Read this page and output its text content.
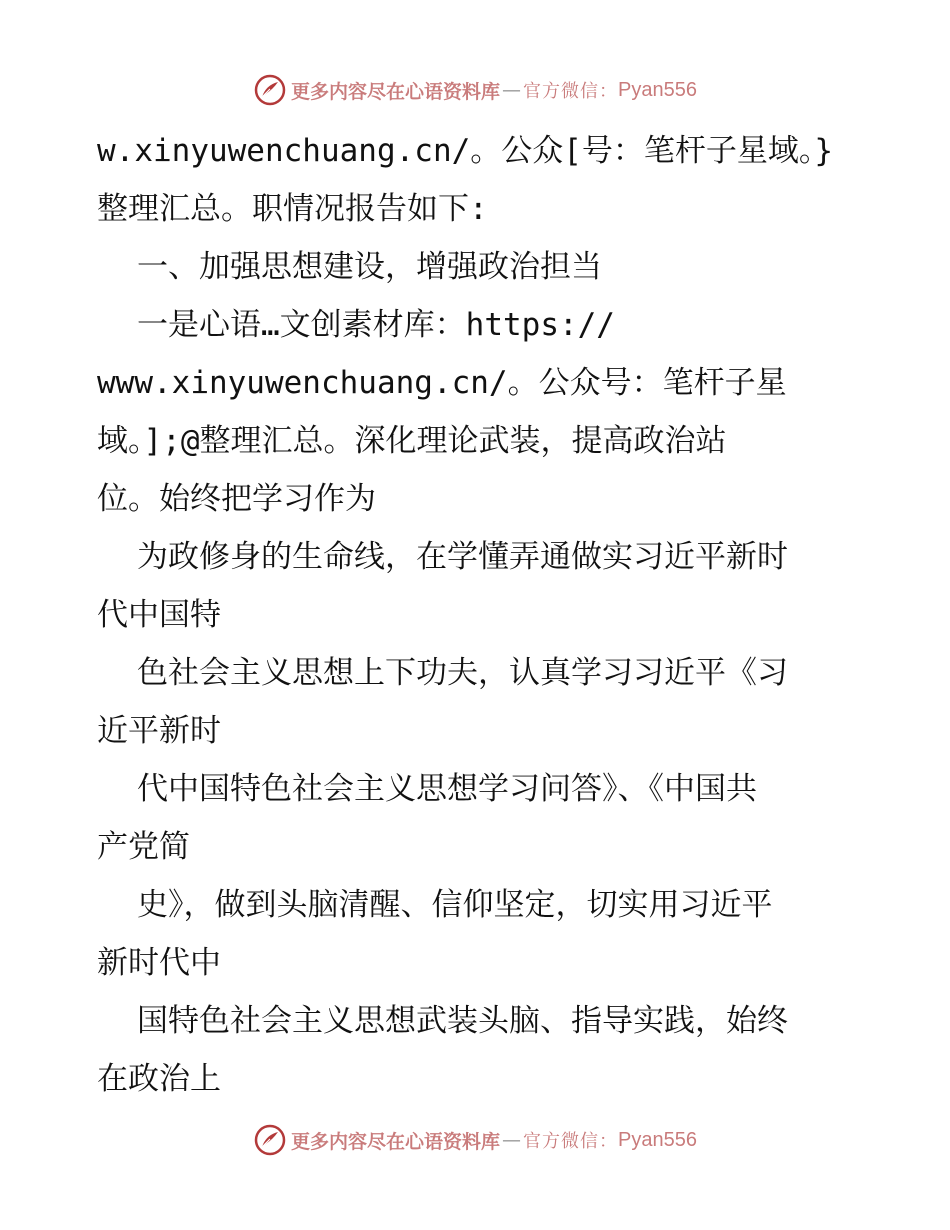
更多内容尽在心语资料库 — 官方微信： Pyan556
w.xinyuwenchuang.cn/。公众[号：笔杆子星域。}
整理汇总。职情况报告如下:
一、加强思想建设，增强政治担当
一是心语…文创素材库：https://
www.xinyuwenchuang.cn/。公众号：笔杆子星
域。];@整理汇总。深化理论武装，提高政治站
位。始终把学习作为
为政修身的生命线，在学懂弄通做实习近平新时
代中国特
色社会主义思想上下功夫，认真学习习近平《习
近平新时
代中国特色社会主义思想学习问答》、《中国共
产党简
史》，做到头脑清醒、信仰坚定，切实用习近平
新时代中
国特色社会主义思想武装头脑、指导实践，始终
在政治上
更多内容尽在心语资料库 — 官方微信： Pyan556
